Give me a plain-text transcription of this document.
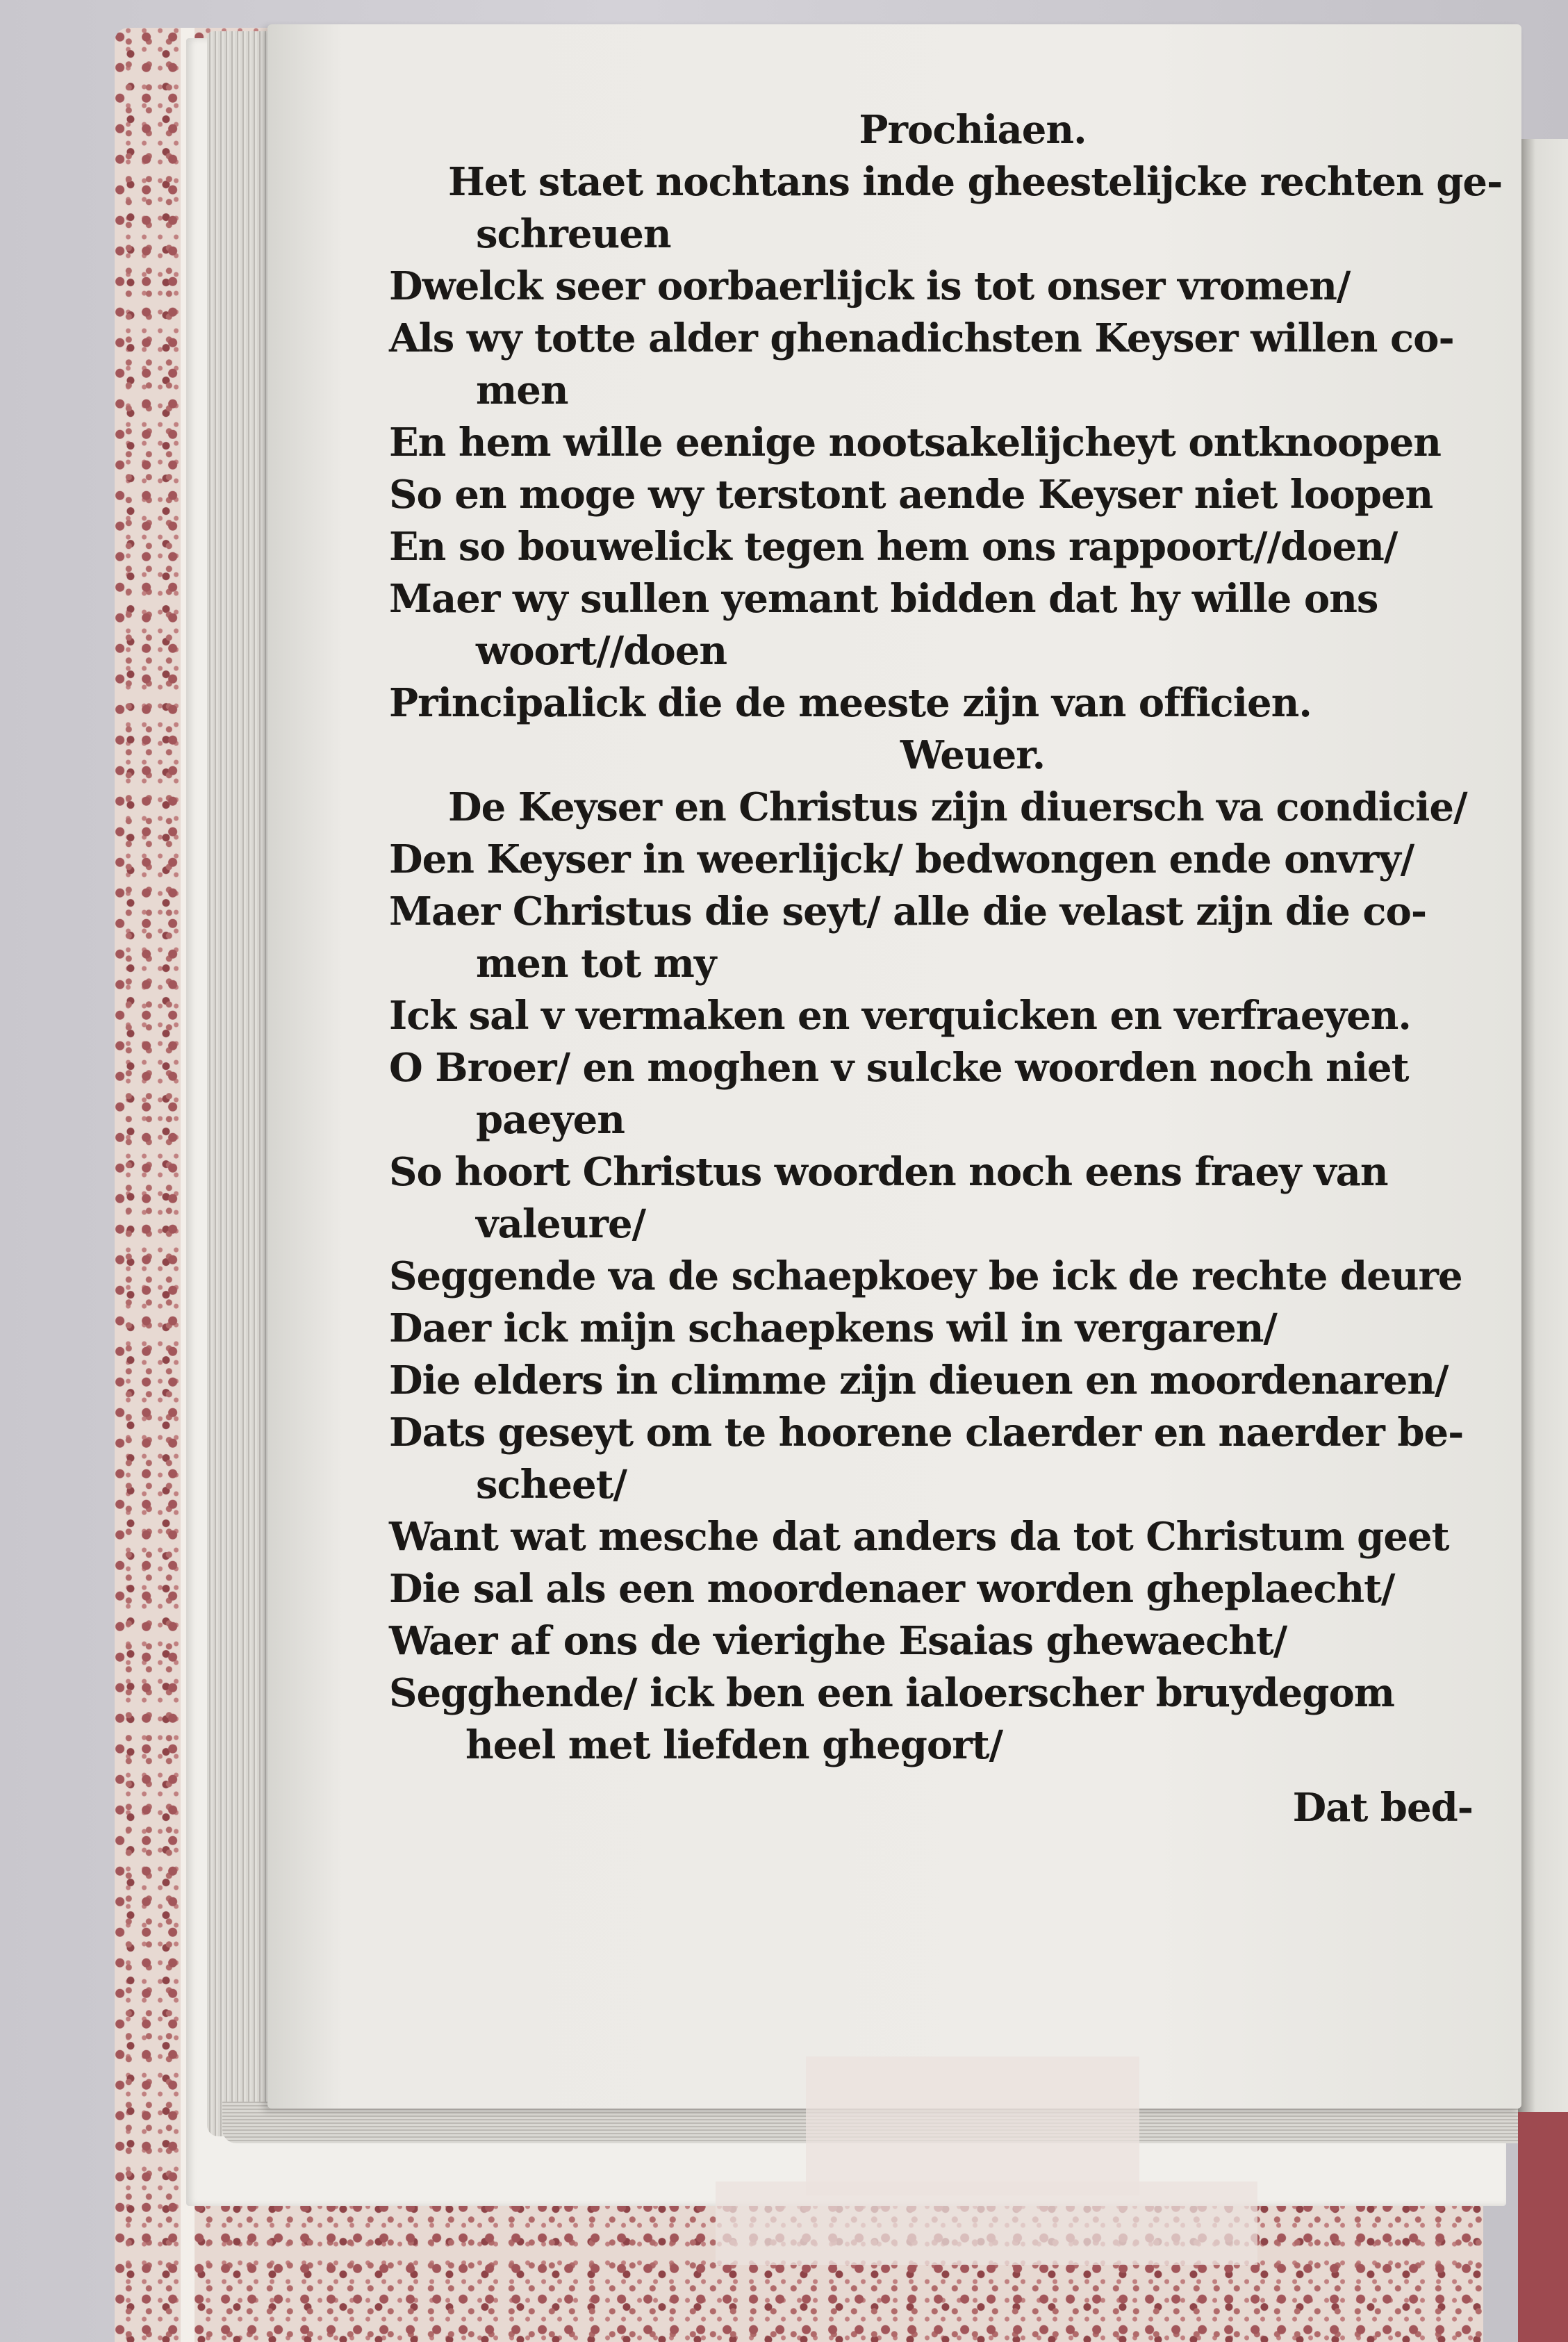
Prochiaen.
Het staet nochtans inde gheestelijcke rechten ge-
schreuen
Dwelck seer oorbaerlijck is tot onser vromen/
Als wy totte alder ghenadichsten Keyser willen co-
men
En hem wille eenige nootsakelijcheyt ontknoopen
So en moge wy terstont aende Keyser niet loopen
En so bouwelick tegen hem ons rappoort//doen/
Maer wy sullen yemant bidden dat hy wille ons
woort//doen
Principalick die de meeste zijn van officien.
Weuer.
De Keyser en Christus zijn diuersch va condicie/
Den Keyser in weerlijck/ bedwongen ende onvry/
Maer Christus die seyt/ alle die velast zijn die co-
men tot my
Ick sal v vermaken en verquicken en verfraeyen.
O Broer/ en moghen v sulcke woorden noch niet
paeyen
So hoort Christus woorden noch eens fraey van
valeure/
Seggende va de schaepkoey be ick de rechte deure
Daer ick mijn schaepkens wil in vergaren/
Die elders in climme zijn dieuen en moordenaren/
Dats geseyt om te hoorene claerder en naerder be-
scheet/
Want wat mesche dat anders da tot Christum geet
Die sal als een moordenaer worden gheplaecht/
Waer af ons de vierighe Esaias ghewaecht/
Segghende/ ick ben een ialoerscher bruydegom
heel met liefden ghegort/
Dat bed-
